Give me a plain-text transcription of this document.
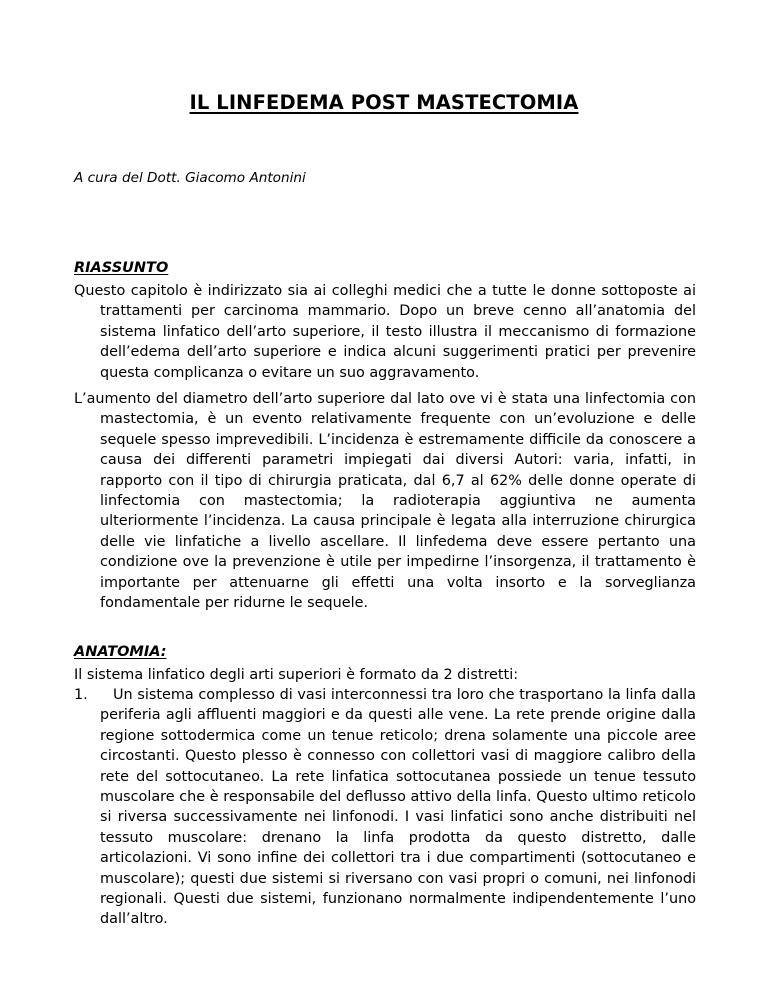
IL LINFEDEMA POST MASTECTOMIA
A cura del Dott. Giacomo Antonini
RIASSUNTO

Questo capitolo è indirizzato sia ai colleghi medici che a tutte le donne sottoposte ai trattamenti per carcinoma mammario. Dopo un breve cenno all’anatomia del sistema linfatico dell’arto superiore, il testo illustra il meccanismo di formazione dell’edema dell’arto superiore e indica alcuni suggerimenti pratici per prevenire questa complicanza o evitare un suo aggravamento.

L’aumento del diametro dell’arto superiore dal lato ove vi è stata una linfectomia con mastectomia, è un evento relativamente frequente con un’evoluzione e delle sequele spesso imprevedibili. L’incidenza è estremamente difficile da conoscere a causa dei differenti parametri impiegati dai diversi Autori: varia, infatti, in rapporto con il tipo di chirurgia praticata, dal 6,7 al 62% delle donne operate di linfectomia con mastectomia; la radioterapia aggiuntiva ne aumenta ulteriormente l’incidenza. La causa principale è legata alla interruzione chirurgica delle vie linfatiche a livello ascellare. Il linfedema deve essere pertanto una condizione ove la prevenzione è utile per impedirne l’insorgenza, il trattamento è importante per attenuarne gli effetti una volta insorto e la sorveglianza fondamentale per ridurne le sequele.

ANATOMIA:

Il sistema linfatico degli arti superiori è formato da 2 distretti:

1.	Un sistema complesso di vasi interconnessi tra loro che trasportano la linfa dalla periferia agli affluenti maggiori e da questi alle vene. La rete prende origine dalla regione sottodermica come un tenue reticolo; drena solamente una piccole aree circostanti. Questo plesso è connesso con collettori vasi di maggiore calibro della rete del sottocutaneo. La rete linfatica sottocutanea possiede un tenue tessuto muscolare che è responsabile del deflusso attivo della linfa. Questo ultimo reticolo si riversa successivamente nei linfonodi. I vasi linfatici sono anche distribuiti nel tessuto muscolare: drenano la linfa prodotta da questo distretto, dalle articolazioni. Vi sono infine dei collettori tra i due compartimenti (sottocutaneo e muscolare); questi due sistemi si riversano con vasi propri o comuni, nei linfonodi regionali. Questi due sistemi, funzionano normalmente indipendentemente l’uno dall’altro.
